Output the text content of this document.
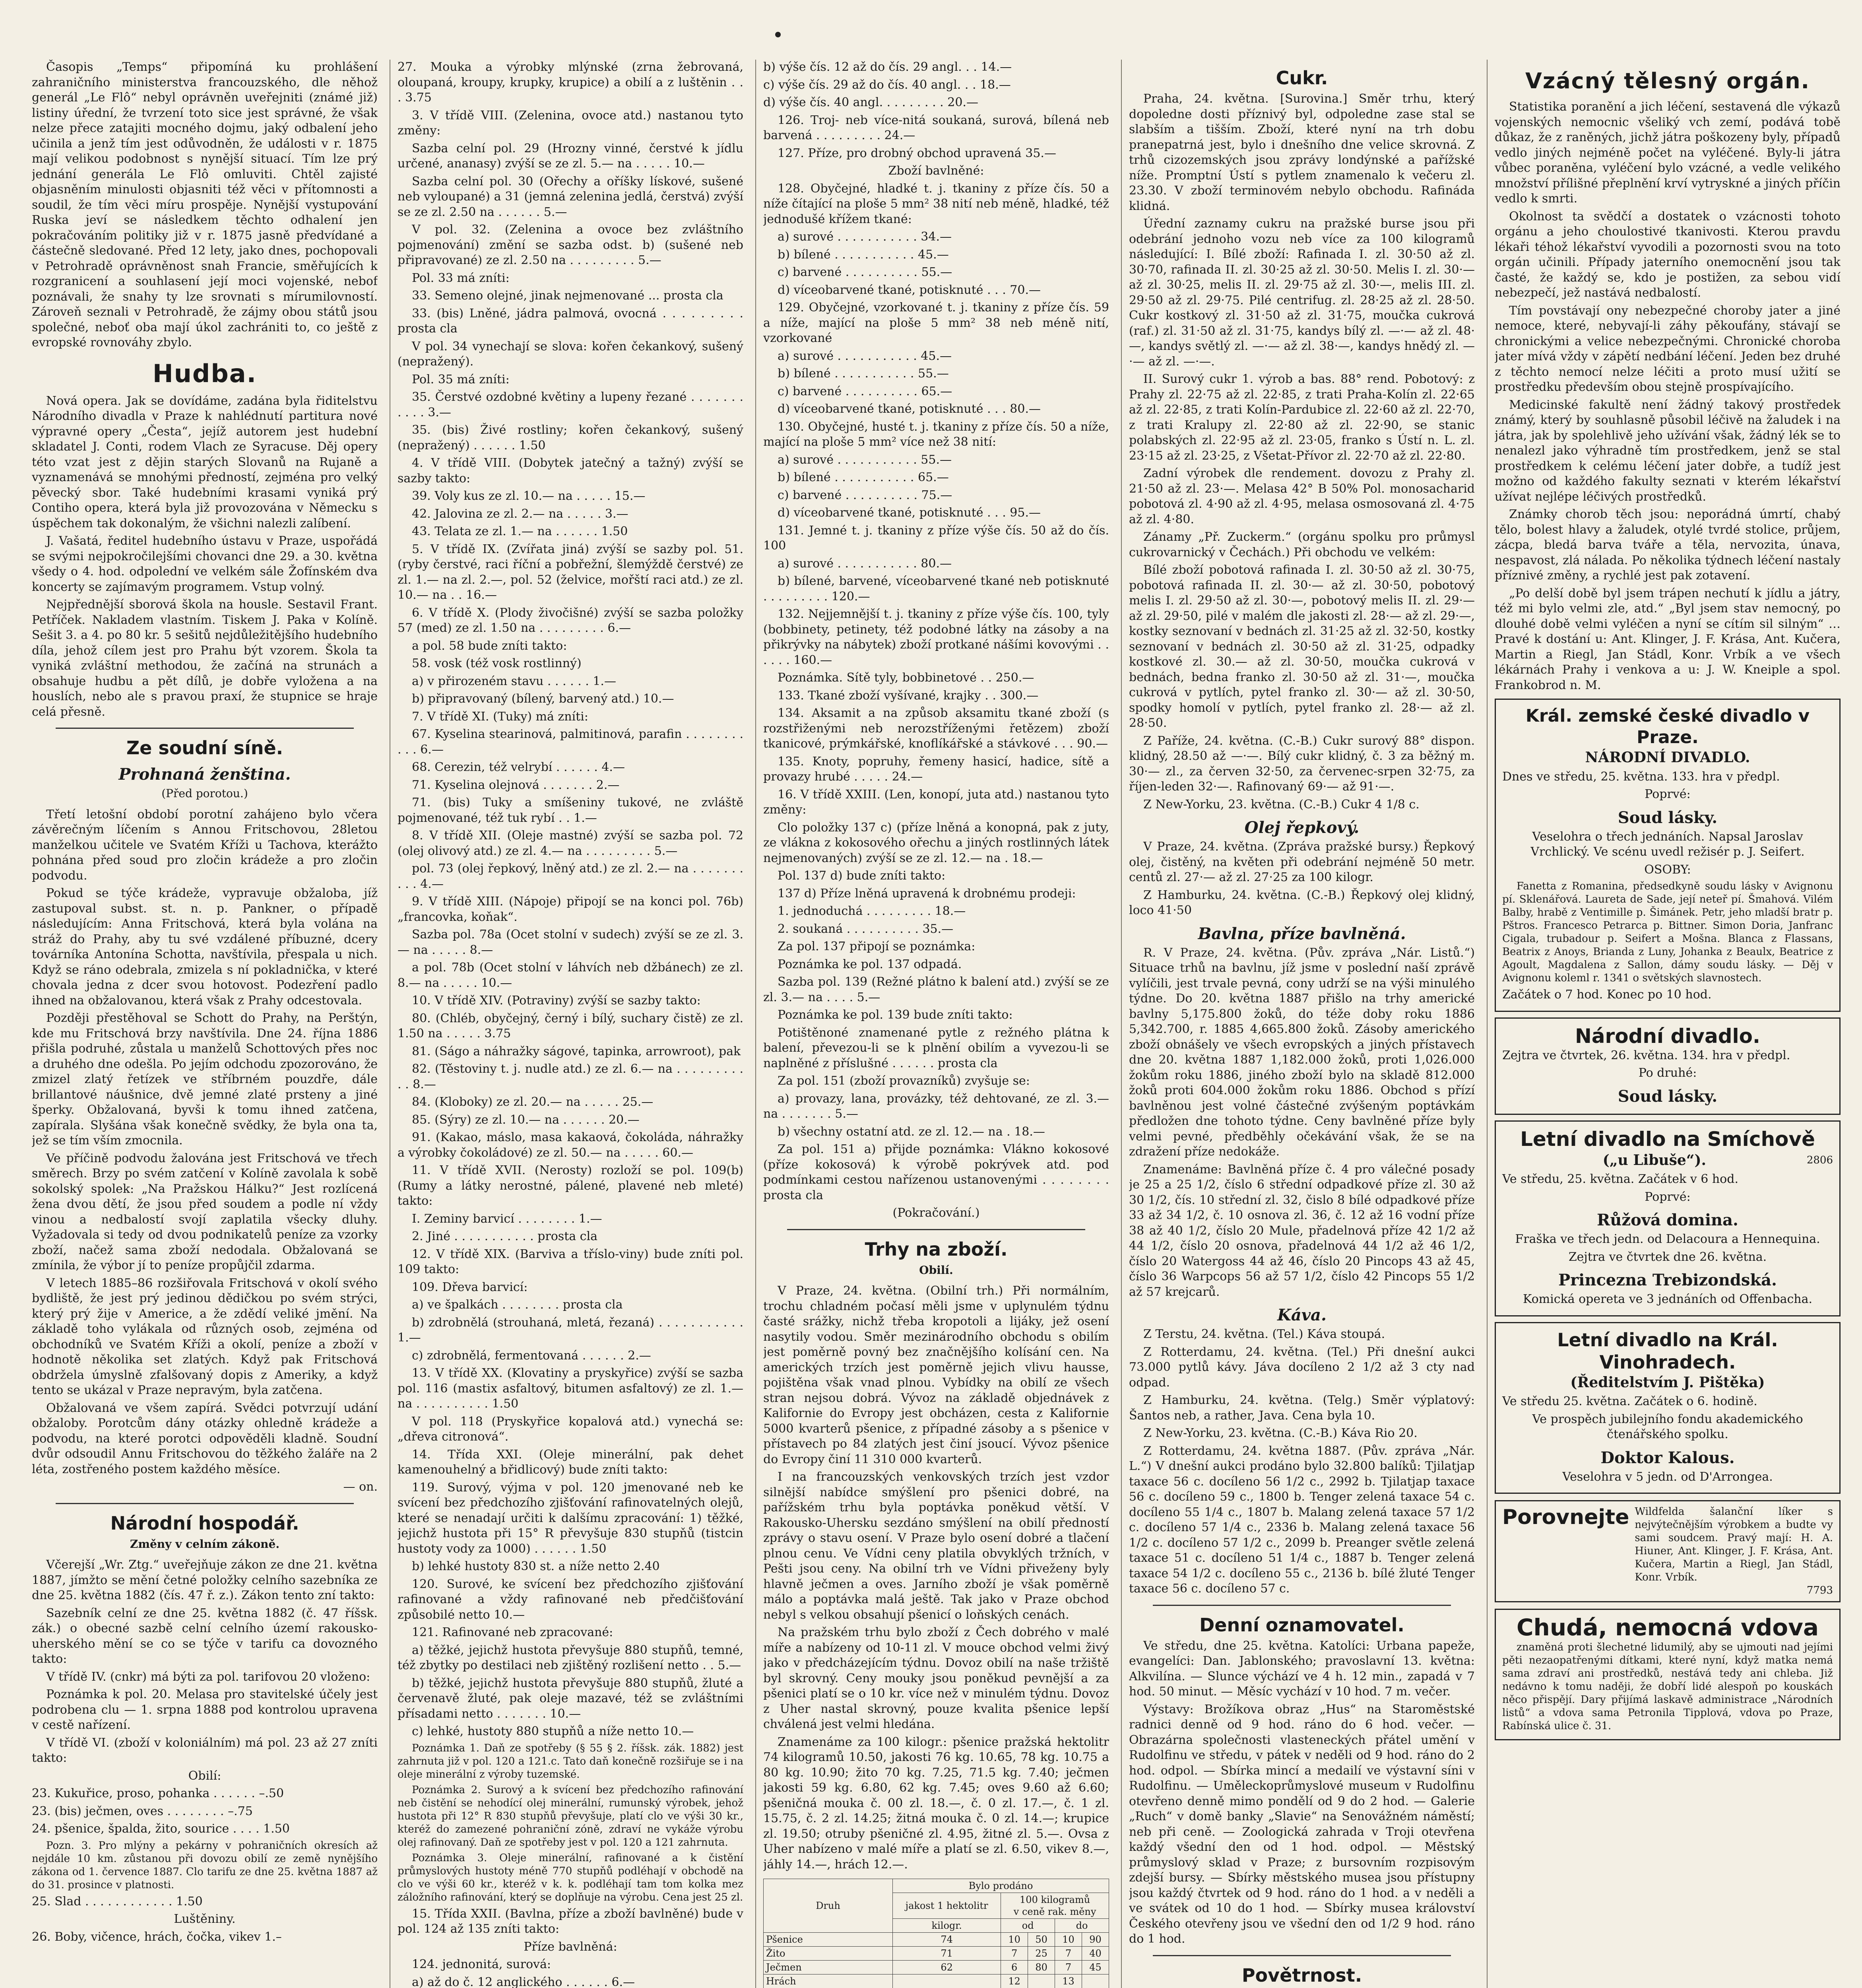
Časopis „Temps“ připomíná ku prohlášení zahraničního ministerstva francouzského, dle něhož generál „Le Flô“ nebyl oprávněn uveřejniti (známé již) listiny úřední, že tvrzení toto sice jest správné, že však nelze přece zatajiti mocného dojmu, jaký odbalení jeho učinila a jenž tím jest odůvodněn, že události v r. 1875 mají velikou podobnost s nynější situací. Tím lze prý jednání generála Le Flô omluviti. Chtěl zajisté objasněním minulosti objasniti též věci v přítomnosti a soudil, že tím věci míru prospěje. Nynější vystupování Ruska jeví se následkem těchto odhalení jen pokračováním politiky již v r. 1875 jasně předvídané a částečně sledované. Před 12 lety, jako dnes, pochopovali v Petrohradě oprávněnost snah Francie, směřujících k rozgranicení a souhlasení její moci vojenské, nebof poznávali, že snahy ty lze srovnati s mírumilovností. Zároveň seznali v Petrohradě, že zájmy obou států jsou společné, neboť oba mají úkol zachrániti to, co ještě z evropské rovnováhy zbylo.

Hudba.

Nová opera. Jak se dovídáme, zadána byla řiditelstvu Národního divadla v Praze k nahlédnutí partitura nové výpravné opery „Česta“, jejíž autorem jest hudební skladatel J. Conti, rodem Vlach ze Syracuse. Děj opery této vzat jest z dějin starých Slovanů na Rujaně a vyznamenává se mnohými předností, zejména pro velký pěvecký sbor. Také hudebními krasami vyniká prý Contiho opera, která byla již provozována v Německu s úspěchem tak dokonalým, že všichni nalezli zalíbení.

J. Vašatá, ředitel hudebního ústavu v Praze, uspořádá se svými nejpokročilejšími chovanci dne 29. a 30. května všedy o 4. hod. odpolední ve velkém sále Žofínském dva koncerty se zajímavým programem. Vstup volný.

Nejpřednější sborová škola na housle. Sestavil Frant. Petříček. Nakladem vlastním. Tiskem J. Paka v Kolíně. Sešit 3. a 4. po 80 kr. 5 sešitů nejdůležitějšího hudebního díla, jehož cílem jest pro Prahu být vzorem. Škola ta vyniká zvláštní methodou, že začíná na strunách a obsahuje hudbu a pět dílů, je dobře vyložena a na houslích, nebo ale s pravou praxí, že stupnice se hraje celá přesně.

Ze soudní síně.
Prohnaná ženština.
(Před porotou.)

Třetí letošní období porotní zahájeno bylo včera závěrečným líčením s Annou Fritschovou, 28letou manželkou učitele ve Svatém Kříži u Tachova, kterážto pohnána před soud pro zločin krádeže a pro zločin podvodu.

Pokud se týče krádeže, vypravuje obžaloba, jíž zastupoval subst. st. n. p. Pankner, o případě následujícím: Anna Fritschová, která byla volána na stráž do Prahy, aby tu své vzdálené příbuzné, dcery továrníka Antonína Schotta, navštívila, přespala u nich. Když se ráno odebrala, zmizela s ní pokladnička, v které chovala jedna z dcer svou hotovost. Podezření padlo ihned na obžalovanou, která však z Prahy odcestovala.

Později přestěhoval se Schott do Prahy, na Perštýn, kde mu Fritschová brzy navštívila. Dne 24. října 1886 přišla podruhé, zůstala u manželů Schottových přes noc a druhého dne odešla. Po jejím odchodu zpozorováno, že zmizel zlatý řetízek ve stříbrném pouzdře, dále brillantové náušnice, dvě jemné zlaté prsteny a jiné šperky. Obžalovaná, byvši k tomu ihned zatčena, zapírala. Slyšána však konečně svědky, že byla ona ta, jež se tím vším zmocnila.

Ve příčině podvodu žalována jest Fritschová ve třech směrech. Brzy po svém zatčení v Kolíně zavolala k sobě sokolský spolek: „Na Pražskou Hálku?“ Jest rozlícená žena dvou dětí, že jsou před soudem a podle ní vždy vinou a nedbalostí svojí zaplatila všecky dluhy. Vyžadovala si tedy od dvou podnikatelů peníze za vzorky zboží, načež sama zboží nedodala. Obžalovaná se zmínila, že výbor jí to peníze propůjčil zdarma.

V letech 1885–86 rozšiřovala Fritschová v okolí svého bydliště, že jest prý jedinou dědičkou po svém strýci, který prý žije v Americe, a že zdědí veliké jmění. Na základě toho vylákala od různých osob, zejména od obchodníků ve Svatém Kříži a okolí, peníze a zboží v hodnotě několika set zlatých. Když pak Fritschová obdržela úmyslně zfalšovaný dopis z Ameriky, a když tento se ukázal v Praze nepravým, byla zatčena.

Obžalovaná ve všem zapírá. Svědci potvrzují udání obžaloby. Porotcům dány otázky ohledně krádeže a podvodu, na které porotci odpověděli kladně. Soudní dvůr odsoudil Annu Fritschovou do těžkého žaláře na 2 léta, zostřeného postem každého měsíce.

— on.

Národní hospodář.
Změny v celním zákoně.

Včerejší „Wr. Ztg.“ uveřejňuje zákon ze dne 21. května 1887, jímžto se mění četné položky celního sazebníka ze dne 25. května 1882 (čís. 47 ř. z.). Zákon tento zní takto:

Sazebník celní ze dne 25. května 1882 (č. 47 říšsk. zák.) o obecné sazbě celní celního území rakousko-uherského mění se co se týče v tarifu ca dovozného takto:

V třídě IV. (cnkr) má býti za pol. tarifovou 20 vloženo:

Poznámka k pol. 20. Melasa pro stavitelské účely jest podrobena clu — 1. srpna 1888 pod kontrolou upravena v cestě nařízení.

V třídě VI. (zboží v koloniálním) má pol. 23 až 27 zníti takto:

Obilí:

23. Kukuřice, proso, pohanka . . . . . . –.50

23. (bis) ječmen, oves . . . . . . . . –.75

24. pšenice, špalda, žito, sourice . . . . 1.50

Pozn. 3. Pro mlýny a pekárny v pohraničních okresích až nejdále 10 km. zůstanou při dovozu obilí ze země nynějšího zákona od 1. července 1887. Clo tarifu ze dne 25. května 1887 až do 31. prosince v platnosti.

25. Slad . . . . . . . . . . . . 1.50

Luštěniny.

26. Boby, vičence, hrách, čočka, vikev 1.–

27. Mouka a výrobky mlýnské (zrna žebrovaná, oloupaná, kroupy, krupky, krupice) a obilí a z luštěnin . . . 3.75

3. V třídě VIII. (Zelenina, ovoce atd.) nastanou tyto změny:

Sazba celní pol. 29 (Hrozny vinné, čerstvé k jídlu určené, ananasy) zvýší se ze zl. 5.— na . . . . . 10.—

Sazba celní pol. 30 (Ořechy a oříšky lískové, sušené neb vyloupané) a 31 (jemná zelenina jedlá, čerstvá) zvýší se ze zl. 2.50 na . . . . . . 5.—

V pol. 32. (Zelenina a ovoce bez zvláštního pojmenování) změní se sazba odst. b) (sušené neb připravované) ze zl. 2.50 na . . . . . . . . . 5.—

Pol. 33 má zníti:

33. Semeno olejné, jinak nejmenované ... prosta cla

33. (bis) Lněné, jádra palmová, ovocná . . . . . . . . . prosta cla

V pol. 34 vynechají se slova: kořen čekankový, sušený (nepražený).

Pol. 35 má zníti:

35. Čerstvé ozdobné květiny a lupeny řezané . . . . . . . . . . . 3.—

35. (bis) Živé rostliny; kořen čekankový, sušený (nepražený) . . . . . . 1.50

4. V třídě VIII. (Dobytek jatečný a tažný) zvýší se sazby takto:

39. Voly kus ze zl. 10.— na . . . . . 15.—

42. Jalovina ze zl. 2.— na . . . . . 3.—

43. Telata ze zl. 1.— na . . . . . . 1.50

5. V třídě IX. (Zvířata jiná) zvýší se sazby pol. 51. (ryby čerstvé, raci říční a pobřežní, šlemýždě čerstvé) ze zl. 1.— na zl. 2.—, pol. 52 (želvice, mořští raci atd.) ze zl. 10.— na . . 16.—

6. V třídě X. (Plody živočišné) zvýší se sazba položky 57 (med) ze zl. 1.50 na . . . . . . . . . 6.—

a pol. 58 bude zníti takto:

58. vosk (též vosk rostlinný)

a) v přirozeném stavu . . . . . . 1.—

b) připravovaný (bílený, barvený atd.) 10.—

7. V třídě XI. (Tuky) má zníti:

67. Kyselina stearinová, palmitinová, parafin . . . . . . . . . . . 6.—

68. Cerezin, též velrybí . . . . . . 4.—

71. Kyselina olejnová . . . . . . . 2.—

71. (bis) Tuky a smíšeniny tukové, ne zvláště pojmenované, též tuk rybí . . 1.—

8. V třídě XII. (Oleje mastné) zvýší se sazba pol. 72 (olej olivový atd.) ze zl. 4.— na . . . . . . . . . 5.—

pol. 73 (olej řepkový, lněný atd.) ze zl. 2.— na . . . . . . . . . . 4.—

9. V třídě XIII. (Nápoje) připojí se na konci pol. 76b) „francovka, koňak“.

Sazba pol. 78a (Ocet stolní v sudech) zvýší se ze zl. 3.— na . . . . . 8.—

a pol. 78b (Ocet stolní v láhvích neb džbánech) ze zl. 8.— na . . . . . 10.—

10. V třídě XIV. (Potraviny) zvýší se sazby takto:

80. (Chléb, obyčejný, černý i bílý, suchary čistě) ze zl. 1.50 na . . . . . 3.75

81. (Ságo a náhražky ságové, tapinka, arrowroot), pak

82. (Těstoviny t. j. nudle atd.) ze zl. 6.— na . . . . . . . . . . . 8.—

84. (Kloboky) ze zl. 20.— na . . . . . 25.—

85. (Sýry) ze zl. 10.— na . . . . . . 20.—

91. (Kakao, máslo, masa kakaová, čokoláda, náhražky a výrobky čokoládové) ze zl. 50.— na . . . . . 60.—

11. V třídě XVII. (Nerosty) rozloží se pol. 109(b) (Rumy a látky nerostné, pálené, plavené neb mleté) takto:

I. Zeminy barvicí . . . . . . . . 1.—

2. Jiné . . . . . . . . . . . prosta cla

12. V třídě XIX. (Barviva a tříslo-viny) bude zníti pol. 109 takto:

109. Dřeva barvicí:

a) ve špalkách . . . . . . . . prosta cla

b) zdrobnělá (strouhaná, mletá, řezaná) . . . . . . . . . . . 1.—

c) zdrobnělá, fermentovaná . . . . . . 2.—

13. V třídě XX. (Klovatiny a pryskyřice) zvýší se sazba pol. 116 (mastix asfaltový, bitumen asfaltový) ze zl. 1.— na . . . . . . . . . . 1.50

V pol. 118 (Pryskyřice kopalová atd.) vynechá se: „dřeva citronová“.

14. Třída XXI. (Oleje minerální, pak dehet kamenouhelný a břidlicový) bude zníti takto:

119. Surový, výjma v pol. 120 jmenované neb ke svícení bez předchozího zjišťování rafinovatelných olejů, které se nenadají určiti k dalšímu zpracování: 1) těžké, jejichž hustota při 15° R převyšuje 830 stupňů (tistcin hustoty vody za 1000) . . . . . . 1.50

b) lehké hustoty 830 st. a níže netto 2.40

120. Surové, ke svícení bez předchozího zjišťování rafinované a vždy rafinované neb předčišťování způsobilé netto 10.—

121. Rafinované neb zpracované:

a) těžké, jejichž hustota převyšuje 880 stupňů, temné, též zbytky po destilaci neb zjištěný rozlišení netto . . 5.—

b) těžké, jejichž hustota převyšuje 880 stupňů, žluté a červenavě žluté, pak oleje mazavé, též se zvláštními přísadami netto . . . . . . . 10.—

c) lehké, hustoty 880 stupňů a níže netto 10.—

Poznámka 1. Daň ze spotřeby (§ 55 § 2. říšsk. zák. 1882) jest zahrnuta již v pol. 120 a 121.c. Tato daň konečně rozšiřuje se i na oleje minerální z výroby tuzemské.

Poznámka 2. Surový a k svícení bez předchozího rafinování neb čistění se nehodící olej minerální, rumunský výrobek, jehož hustota při 12° R 830 stupňů převyšuje, platí clo ve výši 30 kr., kteréž do zamezené pohraniční zóně, zdraví ne vykáže výrobu olej rafinovaný. Daň ze spotřeby jest v pol. 120 a 121 zahrnuta.

Poznámka 3. Oleje minerální, rafinované a k čistění průmyslových hustoty méně 770 stupňů podléhají v obchodě na clo ve výši 60 kr., kteréž v k. k. podléhají tam tom kolka mez záložního rafinování, který se doplňuje na výrobu. Cena jest 25 zl.

15. Třída XXII. (Bavlna, příze a zboží bavlněné) bude v pol. 124 až 135 zníti takto:

Příze bavlněná:

124. jednonitá, surová:

a) až do č. 12 anglického . . . . . . 6.—

b) výše čís. 12 až do čís. 29 angl. . . 14.—

c) výše čís. 29 až do čís. 40 angl. . . 18.—

d) výše čís. 40 angl. . . . . . . . . 20.—

126. Troj- neb více-nitá soukaná, surová, bílená neb barvená . . . . . . . . . 24.—

127. Příze, pro drobný obchod upravená 35.—

Zboží bavlněné:

128. Obyčejné, hladké t. j. tkaniny z příze čís. 50 a níže čítající na ploše 5 mm² 38 nití neb méně, hladké, též jednodušé křížem tkané:

a) surové . . . . . . . . . . . 34.—

b) bílené . . . . . . . . . . . 45.—

c) barvené . . . . . . . . . . 55.—

d) víceobarvené tkané, potisknuté . . . 70.—

129. Obyčejné, vzorkované t. j. tkaniny z příze čís. 59 a níže, mající na ploše 5 mm² 38 neb méně nití, vzorkované

a) surové . . . . . . . . . . . 45.—

b) bílené . . . . . . . . . . . 55.—

c) barvené . . . . . . . . . . 65.—

d) víceobarvené tkané, potisknuté . . . 80.—

130. Obyčejné, husté t. j. tkaniny z příze čís. 50 a níže, mající na ploše 5 mm² více než 38 nití:

a) surové . . . . . . . . . . . 55.—

b) bílené . . . . . . . . . . . 65.—

c) barvené . . . . . . . . . . 75.—

d) víceobarvené tkané, potisknuté . . . 95.—

131. Jemné t. j. tkaniny z příze výše čís. 50 až do čís. 100

a) surové . . . . . . . . . . . 80.—

b) bílené, barvené, víceobarvené tkané neb potisknuté . . . . . . . . . 120.—

132. Nejjemnější t. j. tkaniny z příze výše čís. 100, tyly (bobbinety, petinety, též podobné látky na zásoby a na přikrývky na nábytek) zboží protkané nášími kovovými . . . . . . 160.—

Poznámka. Sítě tyly, bobbinetové . . 250.—

133. Tkané zboží vyšívané, krajky . . 300.—

134. Aksamit a na způsob aksamitu tkané zboží (s rozstřiženými neb nerozstříženými řetězem) zboží tkanicové, prýmkářské, knoflíkářské a stávkové . . . 90.—

135. Knoty, popruhy, řemeny hasicí, hadice, sítě a provazy hrubé . . . . . 24.—

16. V třídě XXIII. (Len, konopí, juta atd.) nastanou tyto změny:

Clo položky 137 c) (příze lněná a konopná, pak z juty, ze vlákna z kokosového ořechu a jiných rostlinných látek nejmenovaných) zvýší se ze zl. 12.— na . 18.—

Pol. 137 d) bude zníti takto:

137 d) Příze lněná upravená k drobnému prodeji:

1. jednoduchá . . . . . . . . . 18.—

2. soukaná . . . . . . . . . . 35.—

Za pol. 137 připojí se poznámka:

Poznámka ke pol. 137 odpadá.

Sazba pol. 139 (Režné plátno k balení atd.) zvýší se ze zl. 3.— na . . . . 5.—

Poznámka ke pol. 139 bude zníti takto:

Potištěnoné znamenané pytle z režného plátna k balení, převezou-li se k plnění obilím a vyvezou-li se naplněné z příslušné . . . . . . prosta cla

Za pol. 151 (zboží provazníků) zvyšuje se:

a) provazy, lana, provázky, též dehtované, ze zl. 3.— na . . . . . . . 5.—

b) všechny ostatní atd. ze zl. 12.— na . 18.—

Za pol. 151 a) přijde poznámka: Vlákno kokosové (příze kokosová) k výrobě pokrývek atd. pod podmínkami cestou nařízenou ustanovenými . . . . . . . . prosta cla

(Pokračování.)

Trhy na zboží.
Obilí.

V Praze, 24. května. (Obilní trh.) Při normálním, trochu chladném počasí měli jsme v uplynulém týdnu časté srážky, nichž třeba kropotoli a lijáky, jež osení nasytily vodou. Směr mezinárodního obchodu s obilím jest poměrně povný bez značnějšího kolísání cen. Na amerických trzích jest poměrně jejich vlivu hausse, pojištěna však vnad plnou. Vybídky na obilí ze všech stran nejsou dobrá. Vývoz na základě objednávek z Kalifornie do Evropy jest obcházen, cesta z Kalifornie 5000 kvarterů pšenice, z případné zásoby a s pšenice v přístavech po 84 zlatých jest činí jsoucí. Vývoz pšenice do Evropy činí 11 310 000 kvarterů.

I na francouzských venkovských trzích jest vzdor silnější nabídce smýšlení pro pšenici dobré, na pařížském trhu byla poptávka poněkud větší. V Rakousko-Uhersku sezdáno smýšlení na obilí předností zprávy o stavu osení. V Praze bylo osení dobré a tlačení plnou cenu. Ve Vídni ceny platila obvyklých tržních, v Pešti jsou ceny. Na obilní trh ve Vídni přiveženy byly hlavně ječmen a oves. Jarního zboží je však poměrně málo a poptávka malá ještě. Tak jako v Praze obchod nebyl s velkou obsahují pšenicí o loňských cenách.

Na pražském trhu bylo zboží z Čech dobrého v malé míře a nabízeny od 10-11 zl. V mouce obchod velmi živý jako v předcházejícím týdnu. Dovoz obilí na naše tržiště byl skrovný. Ceny mouky jsou poněkud pevnější a za pšenici platí se o 10 kr. více než v minulém týdnu. Dovoz z Uher nastal skrovný, pouze kvalita pšenice lepší chválená jest velmi hledána.

Znamenáme za 100 kilogr.: pšenice pražská hektolitr 74 kilogramů 10.50, jakosti 76 kg. 10.65, 78 kg. 10.75 a 80 kg. 10.90; žito 70 kg. 7.25, 71.5 kg. 7.40; ječmen jakosti 59 kg. 6.80, 62 kg. 7.45; oves 9.60 až 6.60; pšeničná mouka č. 00 zl. 18.—, č. 0 zl. 17.—, č. 1 zl. 15.75, č. 2 zl. 14.25; žitná mouka č. 0 zl. 14.—; krupice zl. 19.50; otruby pšeničné zl. 4.95, žitné zl. 5.—. Ovsa z Uher nabízeno v malé míře a platí se zl. 6.50, vikev 8.—, jáhly 14.—, hrách 12.—.

Druh	Bylo prodáno				
	jakost 1 hektolitr	100 kilogramů
v ceně rak. měny			

	kilogr.	od		do	
Pšenice	74	10	50	10	90
Žito	71	7	25	7	40
Ječmen	62	6	80	7	45
Hrách		12		13	

Cukr.

Praha, 24. května. [Surovina.] Směr trhu, který dopoledne dosti příznivý byl, odpoledne zase stal se slabším a tišším. Zboží, které nyní na trh dobu pranepatrná jest, bylo i dnešního dne velice skrovná. Z trhů cizozemských jsou zprávy londýnské a pařížské níže. Promptní Ústí s pytlem znamenalo k večeru zl. 23.30. V zboží terminovém nebylo obchodu. Rafináda klidná.

Úřední zaznamy cukru na pražské burse jsou při odebrání jednoho vozu neb více za 100 kilogramů následující: I. Bílé zboží: Rafinada I. zl. 30·50 až zl. 30·70, rafinada II. zl. 30·25 až zl. 30·50. Melis I. zl. 30·— až zl. 30·25, melis II. zl. 29·75 až zl. 30·—, melis III. zl. 29·50 až zl. 29·75. Pilé centrifug. zl. 28·25 až zl. 28·50. Cukr kostkový zl. 31·50 až zl. 31·75, moučka cukrová (raf.) zl. 31·50 až zl. 31·75, kandys bílý zl. —·— až zl. 48·—, kandys světlý zl. —·— až zl. 38·—, kandys hnědý zl. —·— až zl. —·—.

II. Surový cukr 1. výrob a bas. 88° rend. Pobotový: z Prahy zl. 22·75 až zl. 22·85, z trati Praha-Kolín zl. 22·65 až zl. 22·85, z trati Kolín-Pardubice zl. 22·60 až zl. 22·70, z trati Kralupy zl. 22·80 až zl. 22·90, se stanic polabských zl. 22·95 až zl. 23·05, franko s Ústí n. L. zl. 23·15 až zl. 23·25, z Všetat-Přívor zl. 22·70 až zl. 22·80.

Zadní výrobek dle rendement. dovozu z Prahy zl. 21·50 až zl. 23·—. Melasa 42° B 50% Pol. monosacharid pobotová zl. 4·90 až zl. 4·95, melasa osmosovaná zl. 4·75 až zl. 4·80.

Zánamy „Př. Zuckerm.“ (orgánu spolku pro průmysl cukrovarnický v Čechách.) Při obchodu ve velkém:

Bílé zboží pobotová rafinada I. zl. 30·50 až zl. 30·75, pobotová rafinada II. zl. 30·— až zl. 30·50, pobotový melis I. zl. 29·50 až zl. 30·—, pobotový melis II. zl. 29·— až zl. 29·50, pilé v malém dle jakosti zl. 28·— až zl. 29·—, kostky seznovaní v bednách zl. 31·25 až zl. 32·50, kostky seznovaní v bednách zl. 30·50 až zl. 31·25, odpadky kostkové zl. 30.— až zl. 30·50, moučka cukrová v bednách, bedna franko zl. 30·50 až zl. 31·—, moučka cukrová v pytlích, pytel franko zl. 30·— až zl. 30·50, spodky homolí v pytlích, pytel franko zl. 28·— až zl. 28·50.

Z Paříže, 24. května. (C.-B.) Cukr surový 88° dispon. klidný, 28.50 až —·—. Bílý cukr klidný, č. 3 za běžný m. 30·— zl., za červen 32·50, za červenec-srpen 32·75, za říjen-leden 32·—. Rafinovaný 69·— až 91·—.

Z New-Yorku, 23. května. (C.-B.) Cukr 4 1/8 c.

Olej řepkový.

V Praze, 24. května. (Zpráva pražské bursy.) Řepkový olej, čistěný, na květen při odebrání nejméně 50 metr. centů zl. 27·— až zl. 27·25 za 100 kilogr.

Z Hamburku, 24. května. (C.-B.) Řepkový olej klidný, loco 41·50

Bavlna, příze bavlněná.

R. V Praze, 24. května. (Pův. zpráva „Nár. Listů.“) Situace trhů na bavlnu, jíž jsme v poslední naší zprávě vylíčili, jest trvale pevná, cony udrží se na výši minulého týdne. Do 20. května 1887 přišlo na trhy americké bavlny 5,175.800 žoků, do téže doby roku 1886 5,342.700, r. 1885 4,665.800 žoků. Zásoby amerického zboží obnášely ve všech evropských a jiných přístavech dne 20. května 1887 1,182.000 žoků, proti 1,026.000 žokům roku 1886, jiného zboží bylo na skladě 812.000 žoků proti 604.000 žokům roku 1886. Obchod s přízí bavlněnou jest volné částečné zvýšeným poptávkám předložen dne tohoto týdne. Ceny bavlněné příze byly velmi pevné, předběhly očekávání však, že se na zdražení příze nedokáže.

Znamenáme: Bavlněná příze č. 4 pro válečné posady je 25 a 25 1/2, číslo 6 střední odpadkové příze zl. 30 až 30 1/2, čís. 10 střední zl. 32, čislo 8 bílé odpadkové příze 33 až 34 1/2, č. 10 osnova zl. 36, č. 12 až 16 vodní příze 38 až 40 1/2, číslo 20 Mule, přadelnová příze 42 1/2 až 44 1/2, číslo 20 osnova, přadelnová 44 1/2 až 46 1/2, číslo 20 Watergoss 44 až 46, číslo 20 Pincops 43 až 45, číslo 36 Warpcops 56 až 57 1/2, číslo 42 Pincops 55 1/2 až 57 krejcarů.

Káva.

Z Terstu, 24. května. (Tel.) Káva stoupá.

Z Rotterdamu, 24. května. (Tel.) Při dnešní aukci 73.000 pytlů kávy. Jáva docíleno 2 1/2 až 3 cty nad odpad.

Z Hamburku, 24. května. (Telg.) Směr výplatový: Šantos neb, a rather, Java. Cena byla 10.

Z New-Yorku, 23. května. (C.-B.) Káva Rio 20.

Z Rotterdamu, 24. května 1887. (Pův. zpráva „Nár. L.“) V dnešní aukci prodáno bylo 32.800 balíků: Tjilatjap taxace 56 c. docíleno 56 1/2 c., 2992 b. Tjilatjap taxace 56 c. docíleno 59 c., 1800 b. Tenger zelená taxace 54 c. docíleno 55 1/4 c., 1807 b. Malang zelená taxace 57 1/2 c. docíleno 57 1/4 c., 2336 b. Malang zelená taxace 56 1/2 c. docíleno 57 1/2 c., 2099 b. Preanger světle zelená taxace 51 c. docíleno 51 1/4 c., 1887 b. Tenger zelená taxace 54 1/2 c. docíleno 55 c., 2136 b. bílé žluté Tenger taxace 56 c. docíleno 57 c.

Denní oznamovatel.

Ve středu, dne 25. května. Katolíci: Urbana papeže, evangelíci: Dan. Jablonského; pravoslavní 13. května: Alkvilína. — Slunce výchází ve 4 h. 12 min., zapadá v 7 hod. 50 minut. — Měsíc vychází v 10 hod. 7 m. večer.

Výstavy: Brožíkova obraz „Hus“ na Staroměstské radnici denně od 9 hod. ráno do 6 hod. večer. — Obrazárna společnosti vlasteneckých přátel umění v Rudolfinu ve středu, v pátek v neděli od 9 hod. ráno do 2 hod. odpol. — Sbírka mincí a medailí ve výstavní síni v Rudolfinu. — Uměleckoprůmyslové museum v Rudolfinu otevřeno denně mimo pondělí od 9 do 2 hod. — Galerie „Ruch“ v domě banky „Slavie“ na Senovážném náměstí; neb při ceně. — Zoologická zahrada v Troji otevřena každý všední den od 1 hod. odpol. — Městský průmyslový sklad v Praze; z bursovním rozpisovým zdejší bursy. — Sbírky městského musea jsou přístupny jsou každý čtvrtek od 9 hod. ráno do 1 hod. a v neděli a ve svátek od 10 do 1 hod. — Sbírky musea království Českého otevřeny jsou ve všední den od 1/2 9 hod. ráno do 1 hod.

Povětrnost.

Vzácný tělesný orgán.

Statistika poranění a jich léčení, sestavená dle výkazů vojenských nemocnic všeliký vch zemí, podává tobě důkaz, že z raněných, jichž játra poškozeny byly, případů vedlo jiných nejméně počet na vyléčené. Byly-li játra vůbec poraněna, vyléčení bylo vzácné, a vedle velikého množství přílišné přeplnění krví vytryskné a jiných příčin vedlo k smrti.

Okolnost ta svědčí a dostatek o vzácnosti tohoto orgánu a jeho choulostivé tkanivosti. Kterou pravdu lékaři téhož lékařství vyvodili a pozornosti svou na toto orgán učinili. Případy jaterního onemocnění jsou tak časté, že každý se, kdo je postižen, za sebou vidí nebezpečí, jež nastává nedbalostí.

Tím povstávají ony nebezpečné choroby jater a jiné nemoce, které, nebyvají-li záhy pěkoufány, stávají se chronickými a velice nebezpečnými. Chronické choroba jater mívá vždy v zápětí nedbání léčení. Jeden bez druhé z těchto nemocí nelze léčiti a proto musí užití se prostředku především obou stejně prospívajícího.

Medicinské fakultě není žádný takový prostředek známý, který by souhlasně působil léčivě na žaludek i na játra, jak by spolehlivě jeho užívání však, žádný lék se to nenalezl jako výhradně tím prostředkem, jenž se stal prostředkem k celému léčení jater dobře, a tudíž jest možno od každého fakulty seznati v kterém lékařství užívat nejlépe léčivých prostředků.

Známky chorob těch jsou: neporádná úmrtí, chabý tělo, bolest hlavy a žaludek, otylé tvrdé stolice, průjem, zácpa, bledá barva tváře a těla, nervozita, únava, nespavost, zlá nálada. Po několika týdnech léčení nastaly příznivé změny, a rychlé jest pak zotavení.

„Po delší době byl jsem trápen nechutí k jídlu a játry, též mi bylo velmi zle, atd.“ „Byl jsem stav nemocný, po dlouhé době velmi vyléčen a nyní se cítím sil silným“ … Pravé k dostání u: Ant. Klinger, J. F. Krása, Ant. Kučera, Martin a Riegl, Jan Stádl, Konr. Vrbík a ve všech lékárnách Prahy i venkova a u: J. W. Kneiple a spol. Frankobrod n. M.

Král. zemské české divadlo v Praze.
NÁRODNÍ DIVADLO.

Dnes ve středu, 25. května. 133. hra v předpl.

Poprvé:

Soud lásky.

Veselohra o třech jednáních. Napsal Jaroslav Vrchlický. Ve scénu uvedl režisér p. J. Seifert.

OSOBY:

Fanetta z Romanina, předsedkyně soudu lásky v Avignonu pí. Sklenářová. Laureta de Sade, její neteř pí. Šmahová. Vilém Balby, hrabě z Ventimille p. Šimánek. Petr, jeho mladší bratr p. Pštros. Francesco Petrarca p. Bittner. Simon Doria, Janfranc Cigala, trubadour p. Seifert a Mošna. Blanca z Flassans, Beatrix z Anoys, Brianda z Luny, Johanka z Beaulx, Beatrice z Agoult, Magdalena z Sallon, dámy soudu lásky. — Děj v Avignonu koleml r. 1341 o světských slavnostech.

Začátek o 7 hod. Konec po 10 hod.

Národní divadlo.

Zejtra ve čtvrtek, 26. května. 134. hra v předpl.

Po druhé:

Soud lásky.
Letní divadlo na Smíchově
(„u Libuše“).	2806

Ve středu, 25. května. Začátek v 6 hod.

Poprvé:

Růžová domina.

Fraška ve třech jedn. od Delacoura a Hennequina.

Zejtra ve čtvrtek dne 26. května.

Princezna Trebizondská.

Komická opereta ve 3 jednáních od Offenbacha.

Letní divadlo na Král. Vinohradech.
(Ředitelstvím J. Pištěka)

Ve středu 25. května. Začátek o 6. hodině.

Ve prospěch jubilejního fondu akademického čtenářského spolku.

Doktor Kalous.

Veselohra v 5 jedn. od D'Arrongea.

Porovnejte Wildfelda šalanční líker s nejvýtečnějším výrobkem a budte vy sami soudcem. Pravý mají: H. A. Hiuner, Ant. Klinger, J. F. Krása, Ant. Kučera, Martin a Riegl, Jan Stádl, Konr. Vrbík.
7793
Chudá, nemocná vdova

znaměná proti šlechetné lidumilý, aby se ujmouti nad jejími pěti nezaopatřenými dítkami, které nyní, když matka nemá sama zdraví ani prostředků, nestává tedy ani chleba. Již nedávno k tomu naději, že dobří lidé alespoň po kouskách něco přispějí. Dary přijímá laskavě administrace „Národních listů“ a vdova sama Petronila Tipplová, vdova po Praze, Rabínská ulice č. 31.
